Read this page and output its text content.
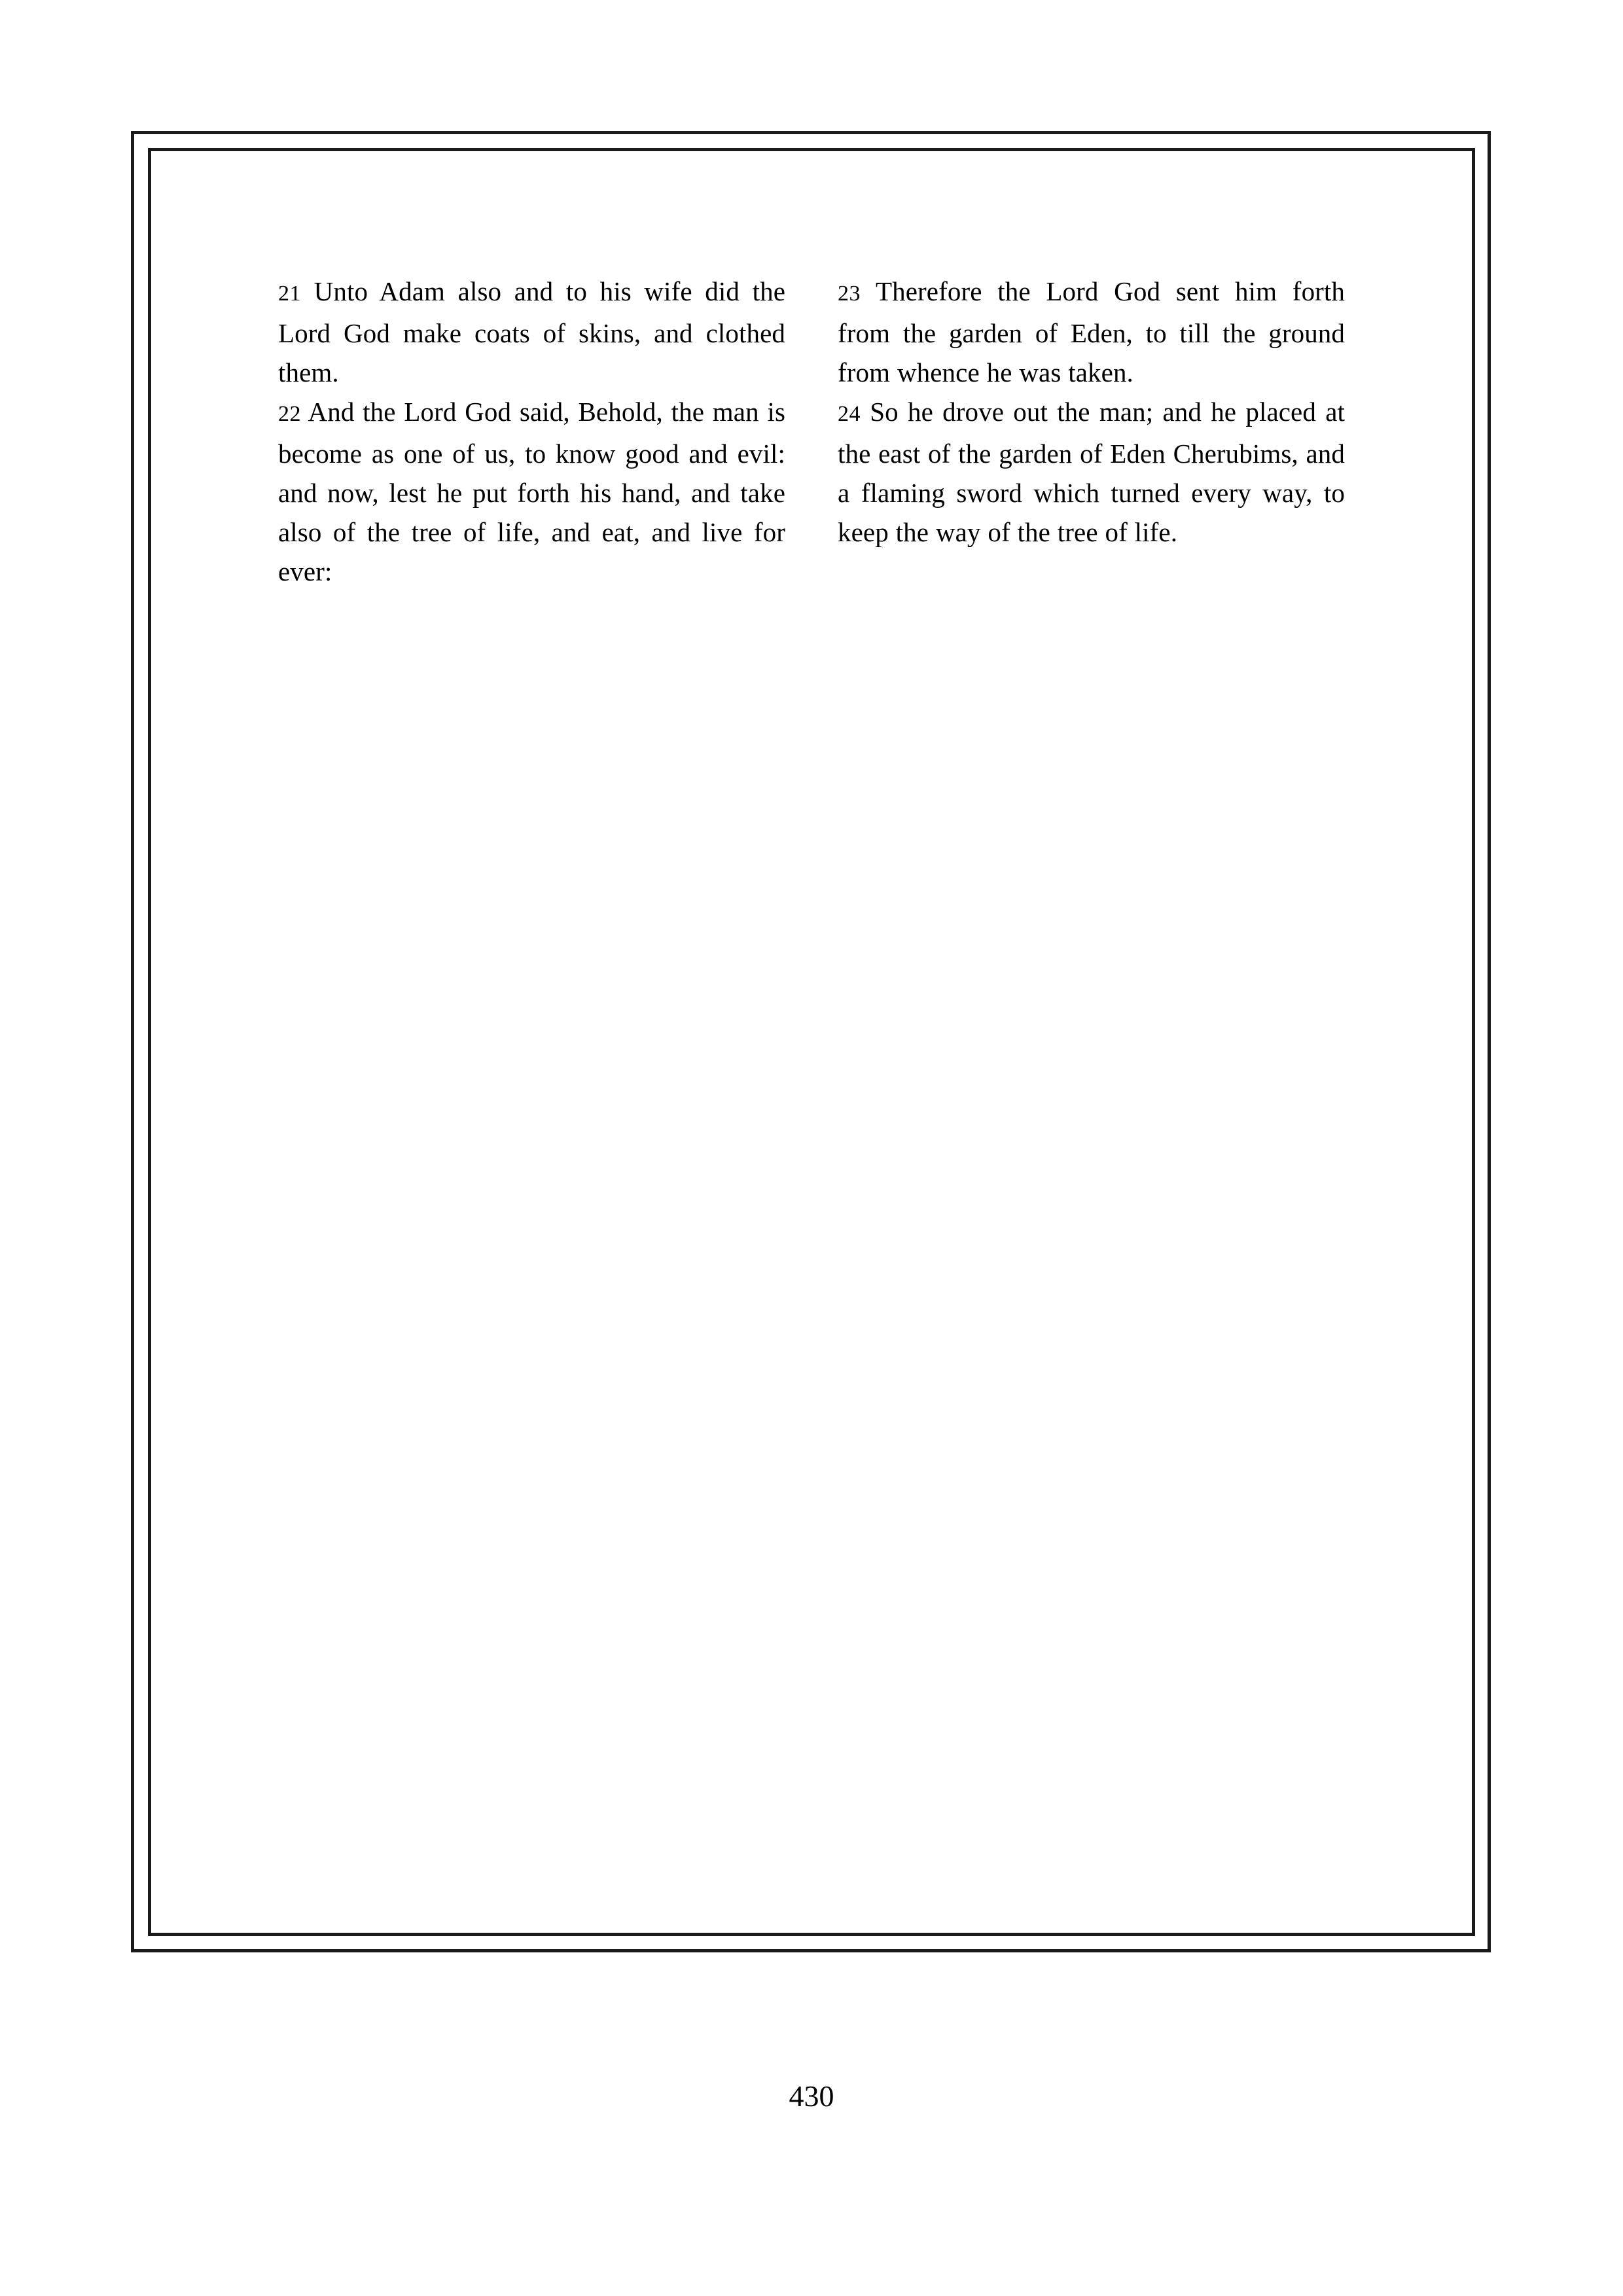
21 Unto Adam also and to his wife did the Lord God make coats of skins, and clothed them.

22 And the Lord God said, Behold, the man is become as one of us, to know good and evil: and now, lest he put forth his hand, and take also of the tree of life, and eat, and live for ever:

23 Therefore the Lord God sent him forth from the garden of Eden, to till the ground from whence he was taken.

24 So he drove out the man; and he placed at the east of the garden of Eden Cherubims, and a flaming sword which turned every way, to keep the way of the tree of life.

430
